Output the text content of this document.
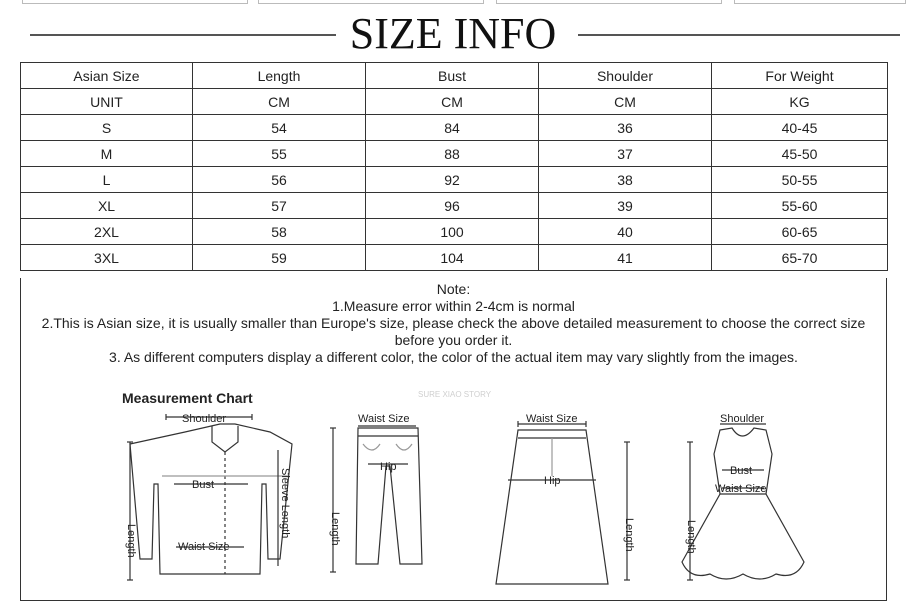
SIZE INFO
Asian Size	Length	Bust	Shoulder	For Weight
UNIT	CM	CM	CM	KG
S	54	84	36	40-45
M	55	88	37	45-50
L	56	92	38	50-55
XL	57	96	39	55-60
2XL	58	100	40	60-65
3XL	59	104	41	65-70
Note:
1.Measure error within 2-4cm is normal
2.This is Asian size, it is usually smaller than Europe's size, please check the above detailed measurement to choose the correct size
before you order it.
3. As different computers display a different color, the color of the actual item may vary slightly from the images.
Measurement Chart	SURE XIAO STORY
Shoulder
Bust
Waist Size
Length
Sleeve Length
Waist Size
Hip
Length
Waist Size
Hip
Length
Shoulder
Bust
Waist Size
Length
